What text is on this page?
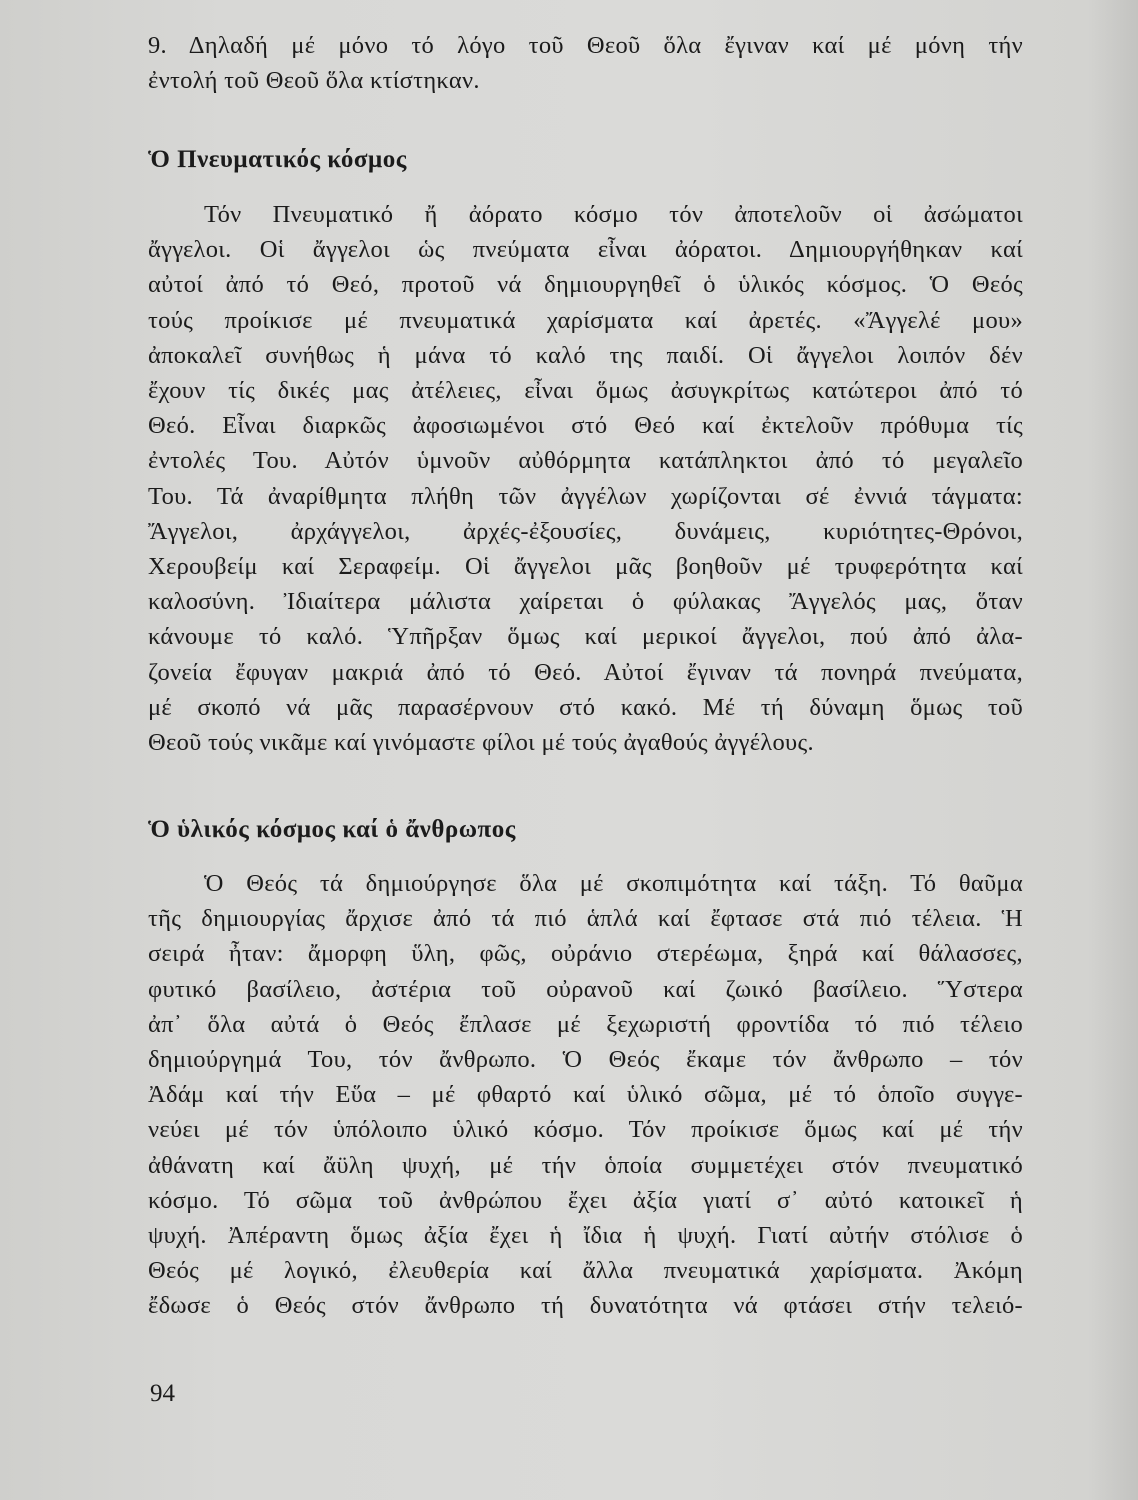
9. Δηλαδή μέ μόνο τό λόγο τοῦ Θεοῦ ὅλα ἔγιναν καί μέ μόνη τήν
ἐντολή τοῦ Θεοῦ ὅλα κτίστηκαν.
Ὁ Πνευματικός κόσμος
Τόν Πνευματικό ἤ ἀόρατο κόσμο τόν ἀποτελοῦν οἱ ἀσώματοι
ἄγγελοι. Οἱ ἄγγελοι ὡς πνεύματα εἶναι ἀόρατοι. Δημιουργήθηκαν καί
αὐτοί ἀπό τό Θεό, προτοῦ νά δημιουργηθεῖ ὁ ὑλικός κόσμος. Ὁ Θεός
τούς προίκισε μέ πνευματικά χαρίσματα καί ἀρετές. «Ἄγγελέ μου»
ἀποκαλεῖ συνήθως ἡ μάνα τό καλό της παιδί. Οἱ ἄγγελοι λοιπόν δέν
ἔχουν τίς δικές μας ἀτέλειες, εἶναι ὅμως ἀσυγκρίτως κατώτεροι ἀπό τό
Θεό. Εἶναι διαρκῶς ἀφοσιωμένοι στό Θεό καί ἐκτελοῦν πρόθυμα τίς
ἐντολές Του. Αὐτόν ὑμνοῦν αὐθόρμητα κατάπληκτοι ἀπό τό μεγαλεῖο
Του. Τά ἀναρίθμητα πλήθη τῶν ἀγγέλων χωρίζονται σέ ἐννιά τάγματα:
Ἄγγελοι, ἀρχάγγελοι, ἀρχές-ἐξουσίες, δυνάμεις, κυριότητες-Θρόνοι,
Χερουβείμ καί Σεραφείμ. Οἱ ἄγγελοι μᾶς βοηθοῦν μέ τρυφερότητα καί
καλοσύνη. Ἰδιαίτερα μάλιστα χαίρεται ὁ φύλακας Ἄγγελός μας, ὅταν
κάνουμε τό καλό. Ὑπῆρξαν ὅμως καί μερικοί ἄγγελοι, πού ἀπό ἀλα-
ζονεία ἔφυγαν μακριά ἀπό τό Θεό. Αὐτοί ἔγιναν τά πονηρά πνεύματα,
μέ σκοπό νά μᾶς παρασέρνουν στό κακό. Μέ τή δύναμη ὅμως τοῦ
Θεοῦ τούς νικᾶμε καί γινόμαστε φίλοι μέ τούς ἀγαθούς ἀγγέλους.
Ὁ ὑλικός κόσμος καί ὁ ἄνθρωπος
Ὁ Θεός τά δημιούργησε ὅλα μέ σκοπιμότητα καί τάξη. Τό θαῦμα
τῆς δημιουργίας ἄρχισε ἀπό τά πιό ἁπλά καί ἔφτασε στά πιό τέλεια. Ἡ
σειρά ἦταν: ἄμορφη ὕλη, φῶς, οὐράνιο στερέωμα, ξηρά καί θάλασσες,
φυτικό βασίλειο, ἀστέρια τοῦ οὐρανοῦ καί ζωικό βασίλειο. Ὕστερα
ἀπ᾽ ὅλα αὐτά ὁ Θεός ἔπλασε μέ ξεχωριστή φροντίδα τό πιό τέλειο
δημιούργημά Του, τόν ἄνθρωπο. Ὁ Θεός ἔκαμε τόν ἄνθρωπο – τόν
Ἀδάμ καί τήν Εὕα – μέ φθαρτό καί ὑλικό σῶμα, μέ τό ὁποῖο συγγε-
νεύει μέ τόν ὑπόλοιπο ὑλικό κόσμο. Τόν προίκισε ὅμως καί μέ τήν
ἀθάνατη καί ἄϋλη ψυχή, μέ τήν ὁποία συμμετέχει στόν πνευματικό
κόσμο. Τό σῶμα τοῦ ἀνθρώπου ἔχει ἀξία γιατί σ᾽ αὐτό κατοικεῖ ἡ
ψυχή. Ἀπέραντη ὅμως ἀξία ἔχει ἡ ἴδια ἡ ψυχή. Γιατί αὐτήν στόλισε ὁ
Θεός μέ λογικό, ἐλευθερία καί ἄλλα πνευματικά χαρίσματα. Ἀκόμη
ἔδωσε ὁ Θεός στόν ἄνθρωπο τή δυνατότητα νά φτάσει στήν τελειό-
94
